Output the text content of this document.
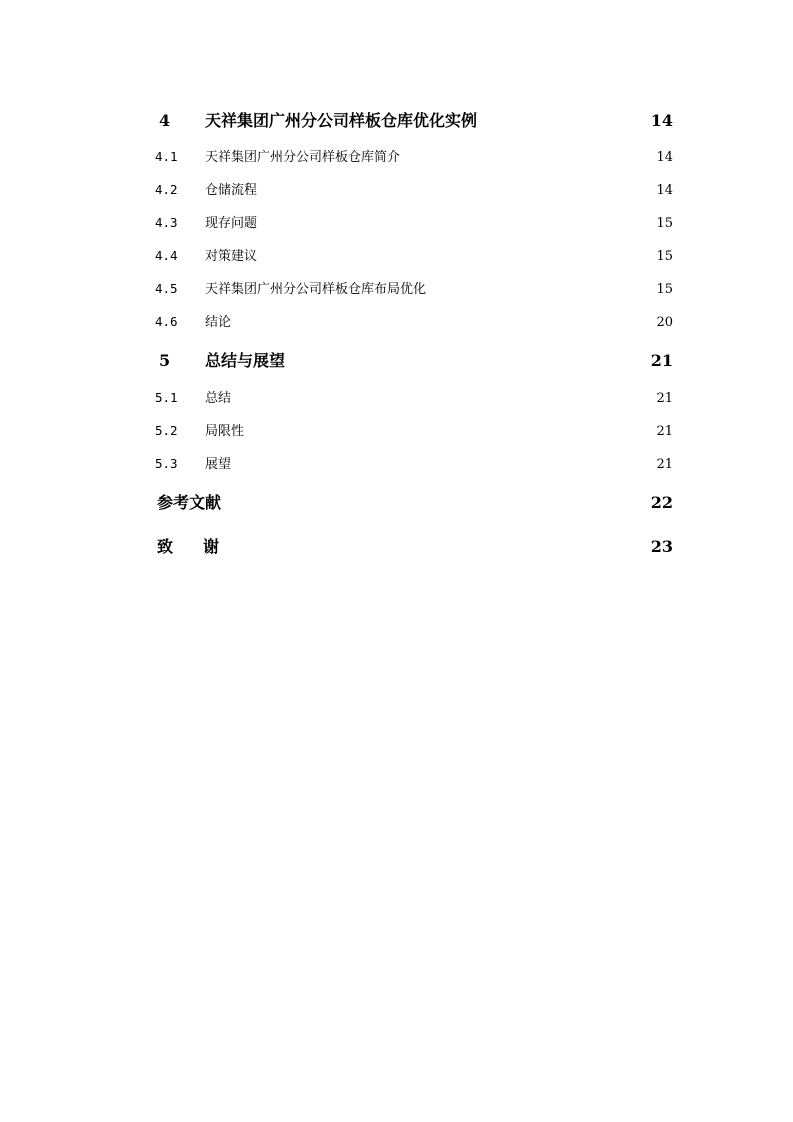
4	天祥集团广州分公司样板仓库优化实例	14
4.1	天祥集团广州分公司样板仓库简介	14
4.2	仓储流程	14
4.3	现存问题	15
4.4	对策建议	15
4.5	天祥集团广州分公司样板仓库布局优化	15
4.6	结论	20
5	总结与展望	21
5.1	总结	21
5.2	局限性	21
5.3	展望	21
参考文献	22
致 谢	23
